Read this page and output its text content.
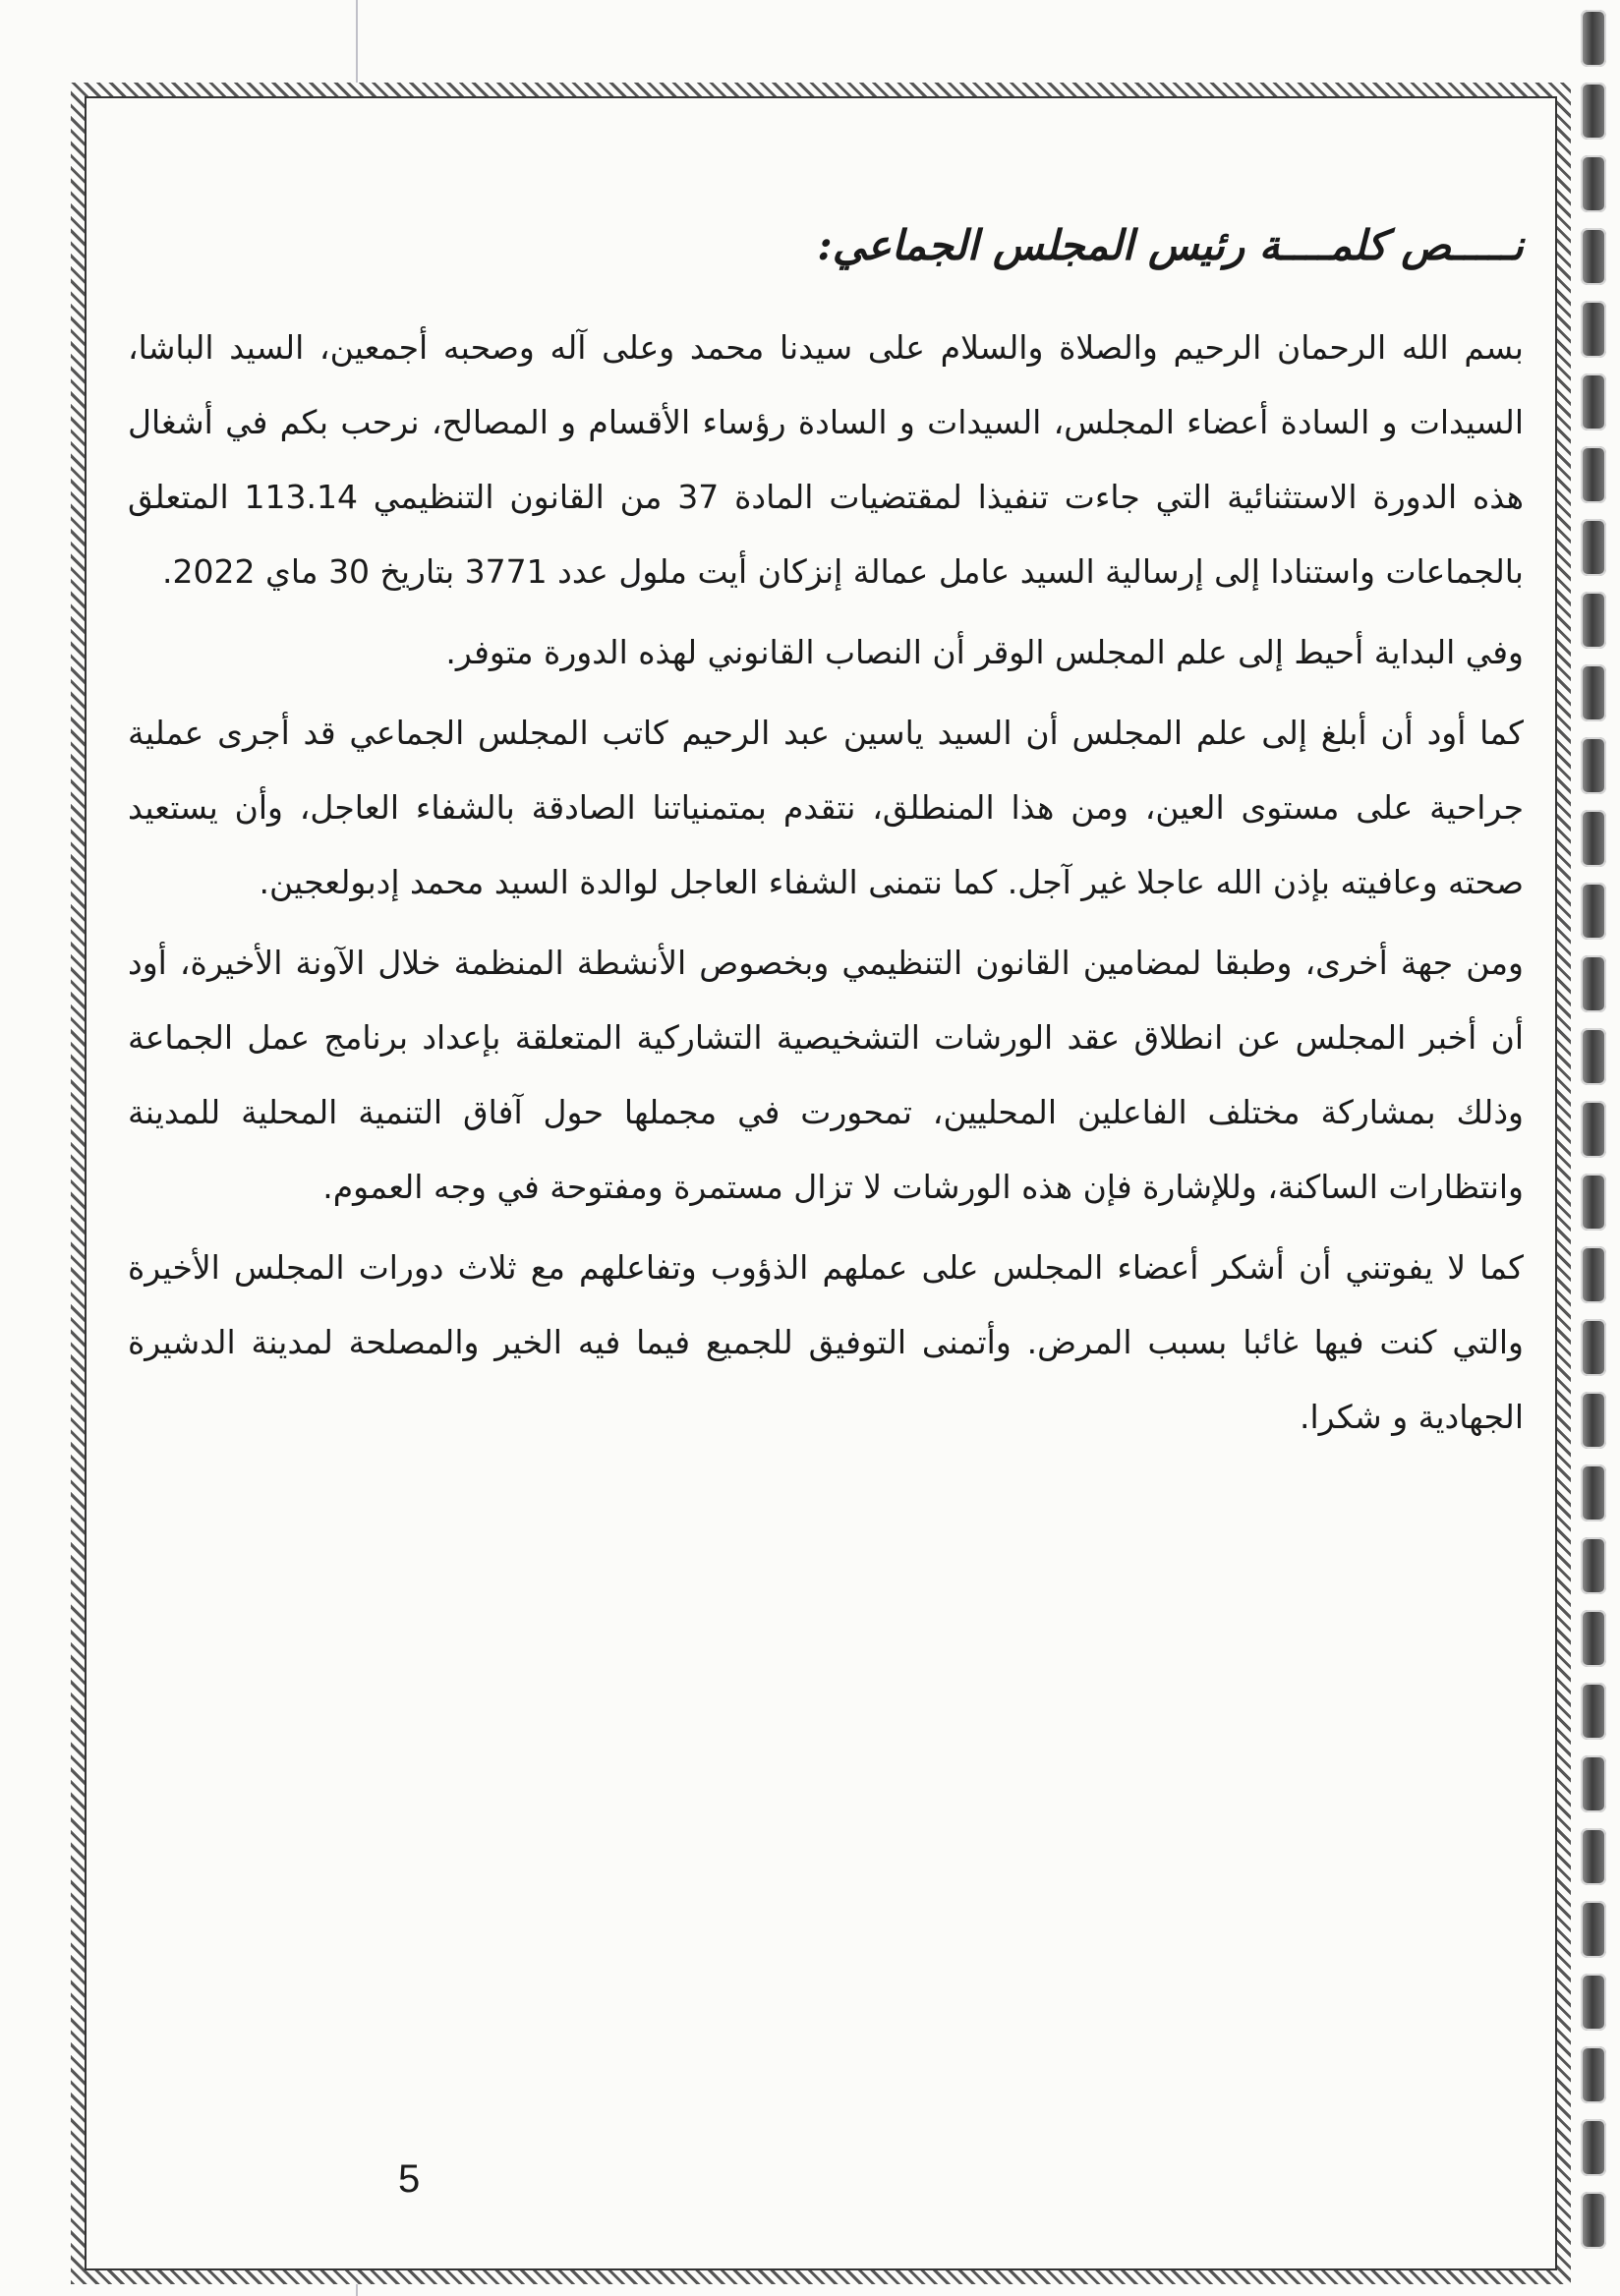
نـــــص كلمــــة رئيس المجلس الجماعي:

بسم الله الرحمان الرحيم والصلاة والسلام على سيدنا محمد وعلى آله وصحبه أجمعين، السيد الباشا، السيدات و السادة أعضاء المجلس، السيدات و السادة رؤساء الأقسام و المصالح، نرحب بكم في أشغال هذه الدورة الاستثنائية التي جاءت تنفيذا لمقتضيات المادة 37 من القانون التنظيمي 113.14 المتعلق بالجماعات واستنادا إلى إرسالية السيد عامل عمالة إنزكان أيت ملول عدد 3771 بتاريخ 30 ماي 2022.

وفي البداية أحيط إلى علم المجلس الوقر أن النصاب القانوني لهذه الدورة متوفر.

كما أود أن أبلغ إلى علم المجلس أن السيد ياسين عبد الرحيم كاتب المجلس الجماعي قد أجرى عملية جراحية على مستوى العين، ومن هذا المنطلق، نتقدم بمتمنياتنا الصادقة بالشفاء العاجل، وأن يستعيد صحته وعافيته بإذن الله عاجلا غير آجل. كما نتمنى الشفاء العاجل لوالدة السيد محمد إدبولعجين.

ومن جهة أخرى، وطبقا لمضامين القانون التنظيمي وبخصوص الأنشطة المنظمة خلال الآونة الأخيرة، أود أن أخبر المجلس عن انطلاق عقد الورشات التشخيصية التشاركية المتعلقة بإعداد برنامج عمل الجماعة وذلك بمشاركة مختلف الفاعلين المحليين، تمحورت في مجملها حول آفاق التنمية المحلية للمدينة وانتظارات الساكنة، وللإشارة فإن هذه الورشات لا تزال مستمرة ومفتوحة في وجه العموم.

كما لا يفوتني أن أشكر أعضاء المجلس على عملهم الذؤوب وتفاعلهم مع ثلاث دورات المجلس الأخيرة والتي كنت فيها غائبا بسبب المرض. وأتمنى التوفيق للجميع فيما فيه الخير والمصلحة لمدينة الدشيرة الجهادية و شكرا.

5
